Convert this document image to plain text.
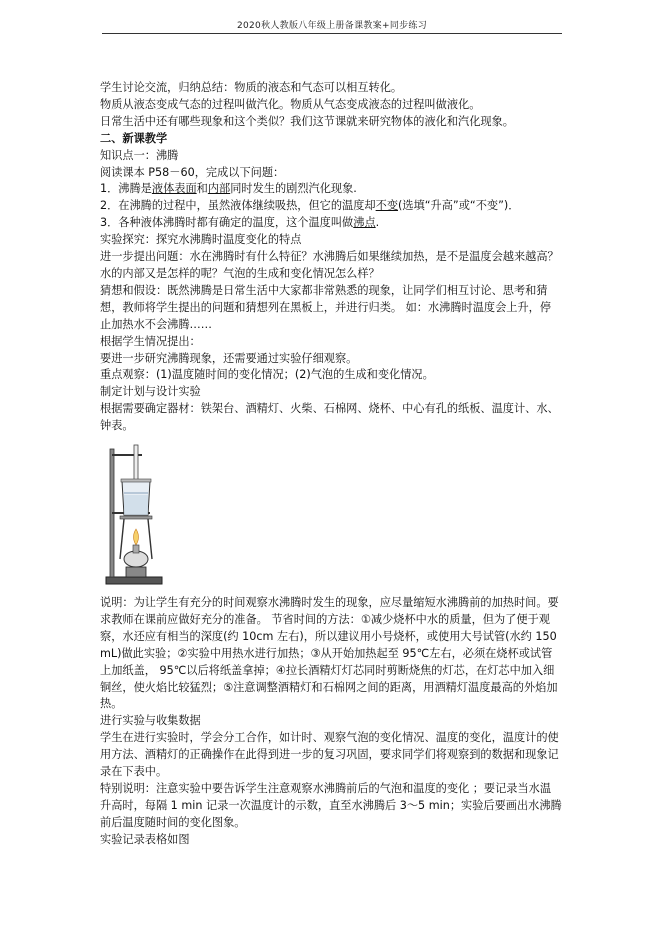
2020秋人教版八年级上册备课教案+同步练习

学生讨论交流，归纳总结：物质的液态和气态可以相互转化。

物质从液态变成气态的过程叫做汽化。物质从气态变成液态的过程叫做液化。

日常生活中还有哪些现象和这个类似？我们这节课就来研究物体的液化和汽化现象。

二、新课教学

知识点一：沸腾

阅读课本 P58－60，完成以下问题：

1．沸腾是液体表面和内部同时发生的剧烈汽化现象.

2．在沸腾的过程中，虽然液体继续吸热，但它的温度却不变(选填“升高”或“不变”)．

3．各种液体沸腾时都有确定的温度，这个温度叫做沸点.

实验探究：探究水沸腾时温度变化的特点

进一步提出问题：水在沸腾时有什么特征？水沸腾后如果继续加热，是不是温度会越来越高？水的内部又是怎样的呢？气泡的生成和变化情况怎么样？

猜想和假设：既然沸腾是日常生活中大家都非常熟悉的现象，让同学们相互讨论、思考和猜想，教师将学生提出的问题和猜想列在黑板上，并进行归类。 如：水沸腾时温度会上升，停止加热水不会沸腾……

根据学生情况提出：

要进一步研究沸腾现象，还需要通过实验仔细观察。

重点观察：(1)温度随时间的变化情况；(2)气泡的生成和变化情况。

制定计划与设计实验

根据需要确定器材：铁架台、酒精灯、火柴、石棉网、烧杯、中心有孔的纸板、温度计、水、钟表。

说明：为让学生有充分的时间观察水沸腾时发生的现象，应尽量缩短水沸腾前的加热时间。要求教师在课前应做好充分的准备。 节省时间的方法：①减少烧杯中水的质量，但为了便于观察，水还应有相当的深度(约 10cm 左右)，所以建议用小号烧杯，或使用大号试管(水约 150 mL)做此实验；②实验中用热水进行加热；③从开始加热起至 95℃左右，必须在烧杯或试管上加纸盖， 95℃以后将纸盖拿掉；④拉长酒精灯灯芯同时剪断烧焦的灯芯，在灯芯中加入细铜丝，使火焰比较猛烈；⑤注意调整酒精灯和石棉网之间的距离，用酒精灯温度最高的外焰加热。

进行实验与收集数据

学生在进行实验时，学会分工合作，如计时、观察气泡的变化情况、温度的变化，温度计的使用方法、酒精灯的正确操作在此得到进一步的复习巩固，要求同学们将观察到的数据和现象记录在下表中。

特别说明：注意实验中要告诉学生注意观察水沸腾前后的气泡和温度的变化 ；要记录当水温升高时，每隔 1 min 记录一次温度计的示数，直至水沸腾后 3～5 min；实验后要画出水沸腾前后温度随时间的变化图象。

实验记录表格如图
